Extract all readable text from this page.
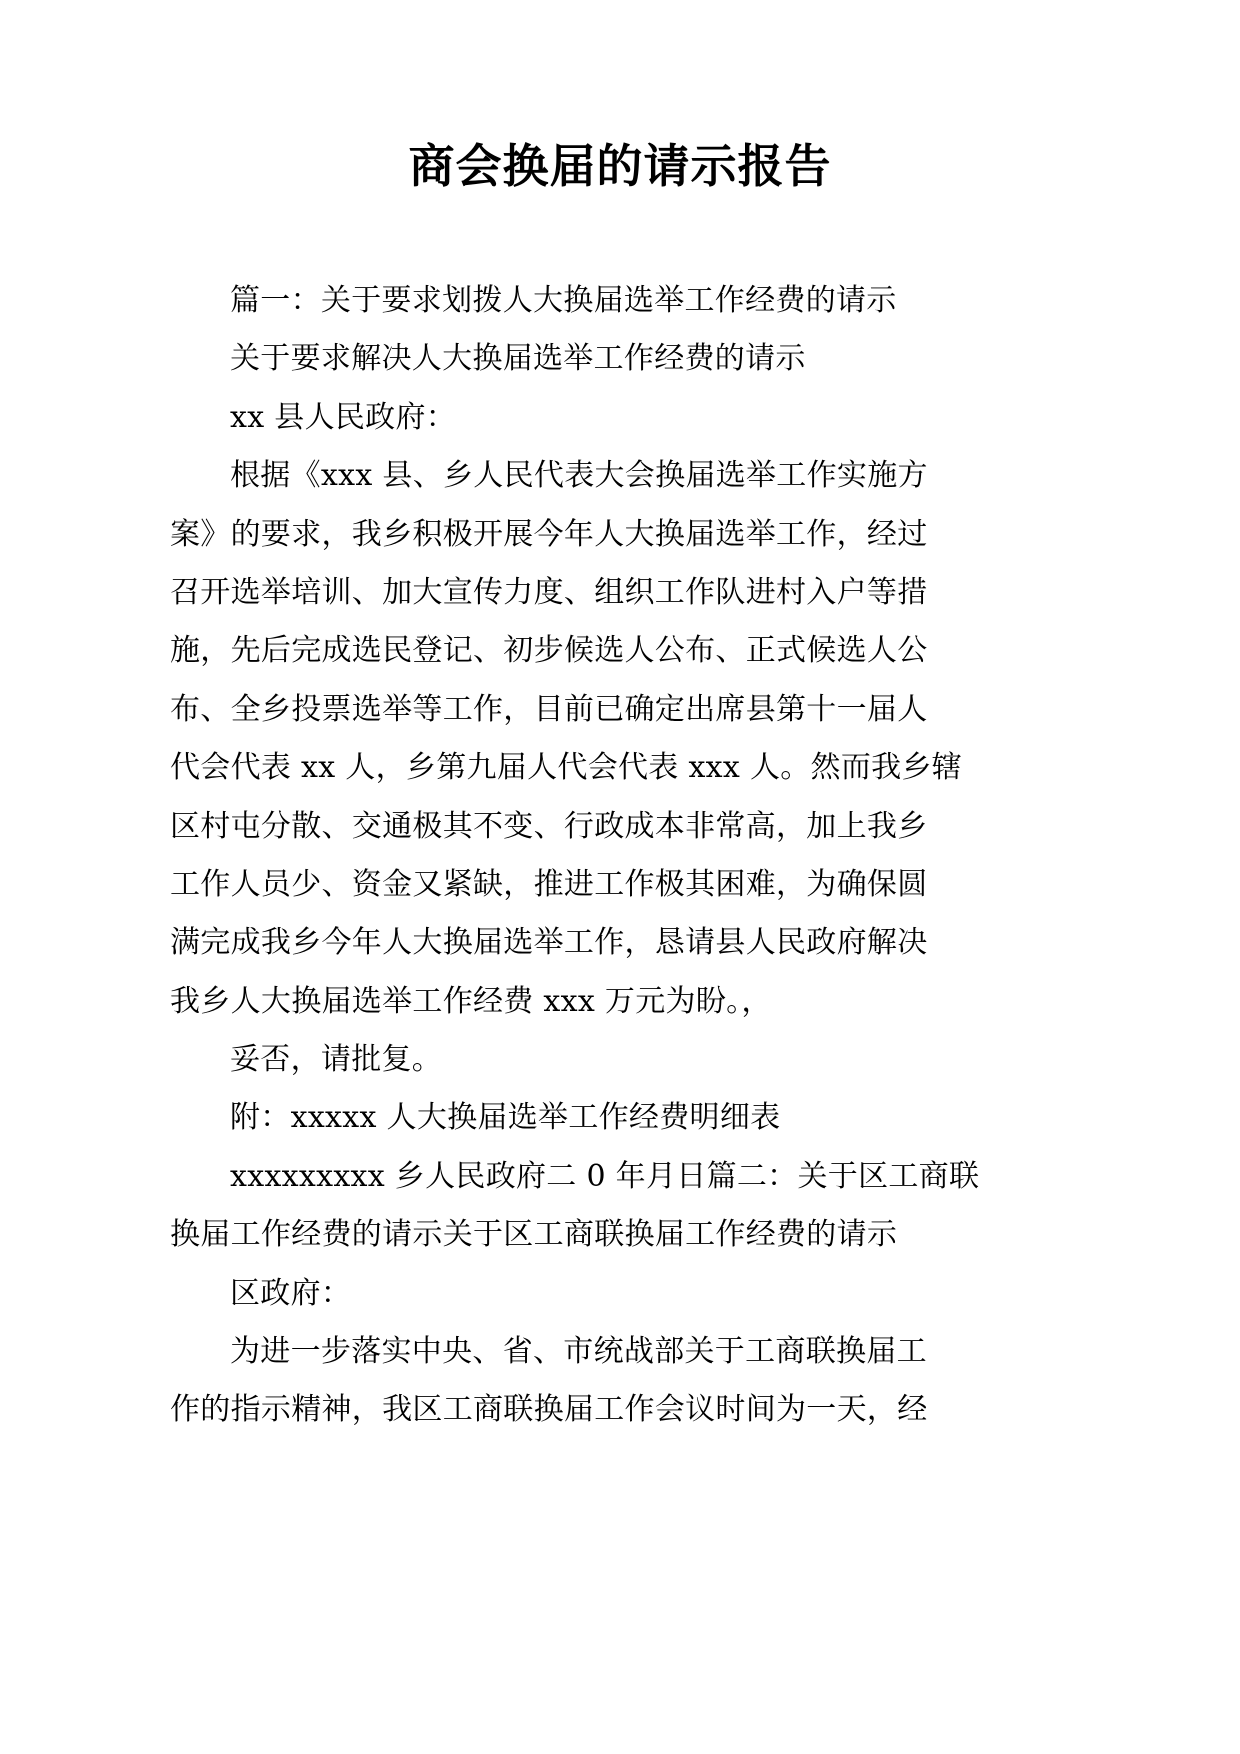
商会换届的请示报告

篇一：关于要求划拨人大换届选举工作经费的请示

关于要求解决人大换届选举工作经费的请示

xx 县人民政府：

根据《xxx 县、乡人民代表大会换届选举工作实施方

案》的要求，我乡积极开展今年人大换届选举工作，经过

召开选举培训、加大宣传力度、组织工作队进村入户等措

施，先后完成选民登记、初步候选人公布、正式候选人公

布、全乡投票选举等工作，目前已确定出席县第十一届人

代会代表 xx 人，乡第九届人代会代表 xxx 人。然而我乡辖

区村屯分散、交通极其不变、行政成本非常高，加上我乡

工作人员少、资金又紧缺，推进工作极其困难，为确保圆

满完成我乡今年人大换届选举工作，恳请县人民政府解决

我乡人大换届选举工作经费 xxx 万元为盼。，

妥否，请批复。

附：xxxxx 人大换届选举工作经费明细表

xxxxxxxxx 乡人民政府二 0 年月日篇二：关于区工商联

换届工作经费的请示关于区工商联换届工作经费的请示

区政府：

为进一步落实中央、省、市统战部关于工商联换届工

作的指示精神，我区工商联换届工作会议时间为一天，经
